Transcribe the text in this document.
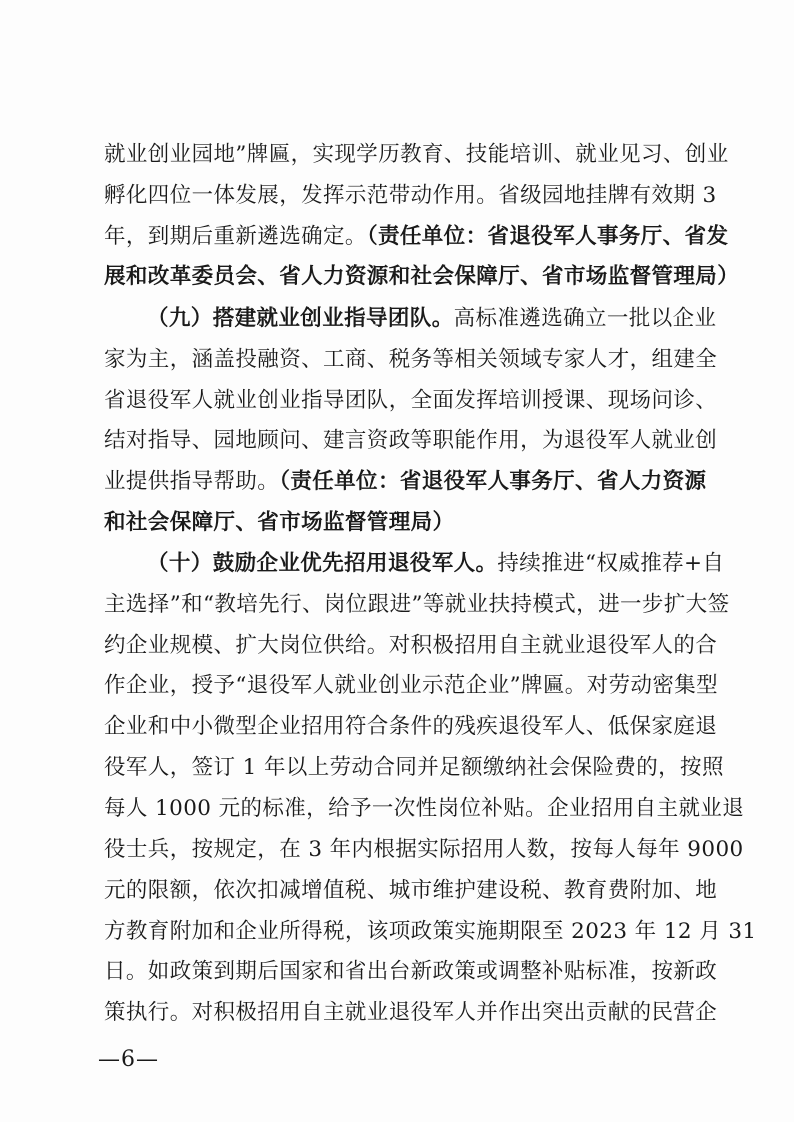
就业创业园地”牌匾，实现学历教育、技能培训、就业见习、创业
孵化四位一体发展，发挥示范带动作用。省级园地挂牌有效期 3
年，到期后重新遴选确定。（责任单位：省退役军人事务厅、省发
展和改革委员会、省人力资源和社会保障厅、省市场监督管理局）
（九）搭建就业创业指导团队。高标准遴选确立一批以企业
家为主，涵盖投融资、工商、税务等相关领域专家人才，组建全
省退役军人就业创业指导团队，全面发挥培训授课、现场问诊、
结对指导、园地顾问、建言资政等职能作用，为退役军人就业创
业提供指导帮助。（责任单位：省退役军人事务厅、省人力资源
和社会保障厅、省市场监督管理局）
（十）鼓励企业优先招用退役军人。持续推进“权威推荐+自
主选择”和“教培先行、岗位跟进”等就业扶持模式，进一步扩大签
约企业规模、扩大岗位供给。对积极招用自主就业退役军人的合
作企业，授予“退役军人就业创业示范企业”牌匾。对劳动密集型
企业和中小微型企业招用符合条件的残疾退役军人、低保家庭退
役军人，签订 1 年以上劳动合同并足额缴纳社会保险费的，按照
每人 1000 元的标准，给予一次性岗位补贴。企业招用自主就业退
役士兵，按规定，在 3 年内根据实际招用人数，按每人每年 9000
元的限额，依次扣减增值税、城市维护建设税、教育费附加、地
方教育附加和企业所得税，该项政策实施期限至 2023 年 12 月 31
日。如政策到期后国家和省出台新政策或调整补贴标准，按新政
策执行。对积极招用自主就业退役军人并作出突出贡献的民营企
—6—
